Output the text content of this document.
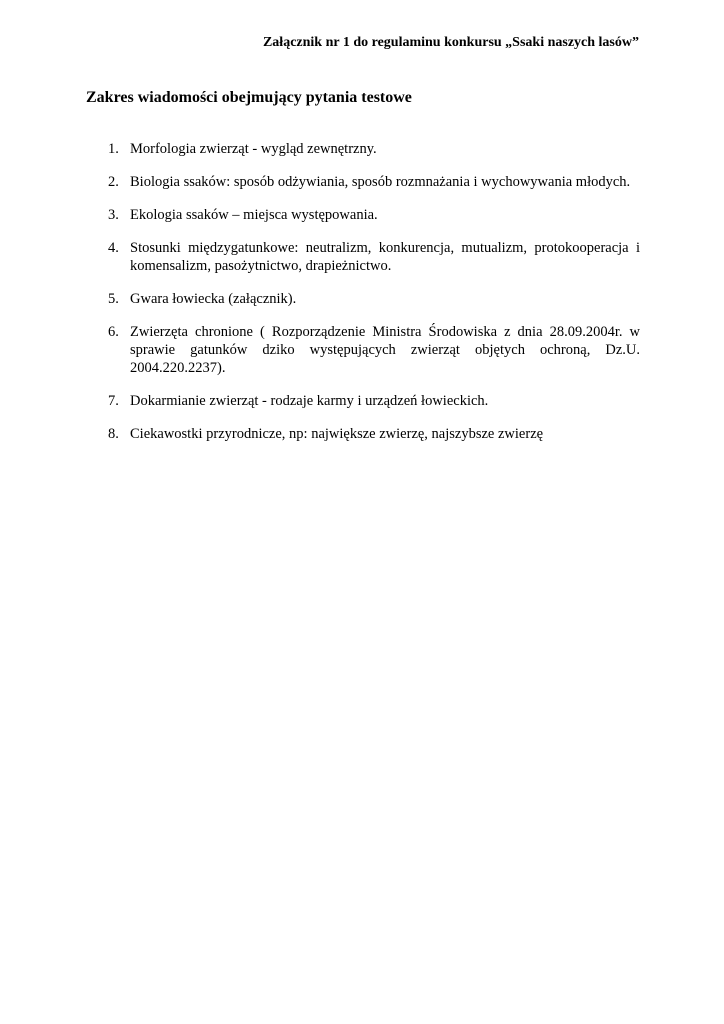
Załącznik nr 1 do regulaminu konkursu „Ssaki naszych lasów”
Zakres wiadomości obejmujący pytania testowe
1. Morfologia zwierząt - wygląd zewnętrzny.
2. Biologia ssaków: sposób odżywiania, sposób rozmnażania i wychowywania młodych.
3. Ekologia ssaków – miejsca występowania.
4. Stosunki międzygatunkowe: neutralizm, konkurencja, mutualizm, protokooperacja i komensalizm, pasożytnictwo, drapieżnictwo.
5. Gwara łowiecka (załącznik).
6. Zwierzęta chronione ( Rozporządzenie Ministra Środowiska z dnia 28.09.2004r. w sprawie gatunków dziko występujących zwierząt objętych ochroną, Dz.U. 2004.220.2237).
7. Dokarmianie zwierząt - rodzaje karmy i urządzeń łowieckich.
8. Ciekawostki przyrodnicze, np: największe zwierzę, najszybsze zwierzę
